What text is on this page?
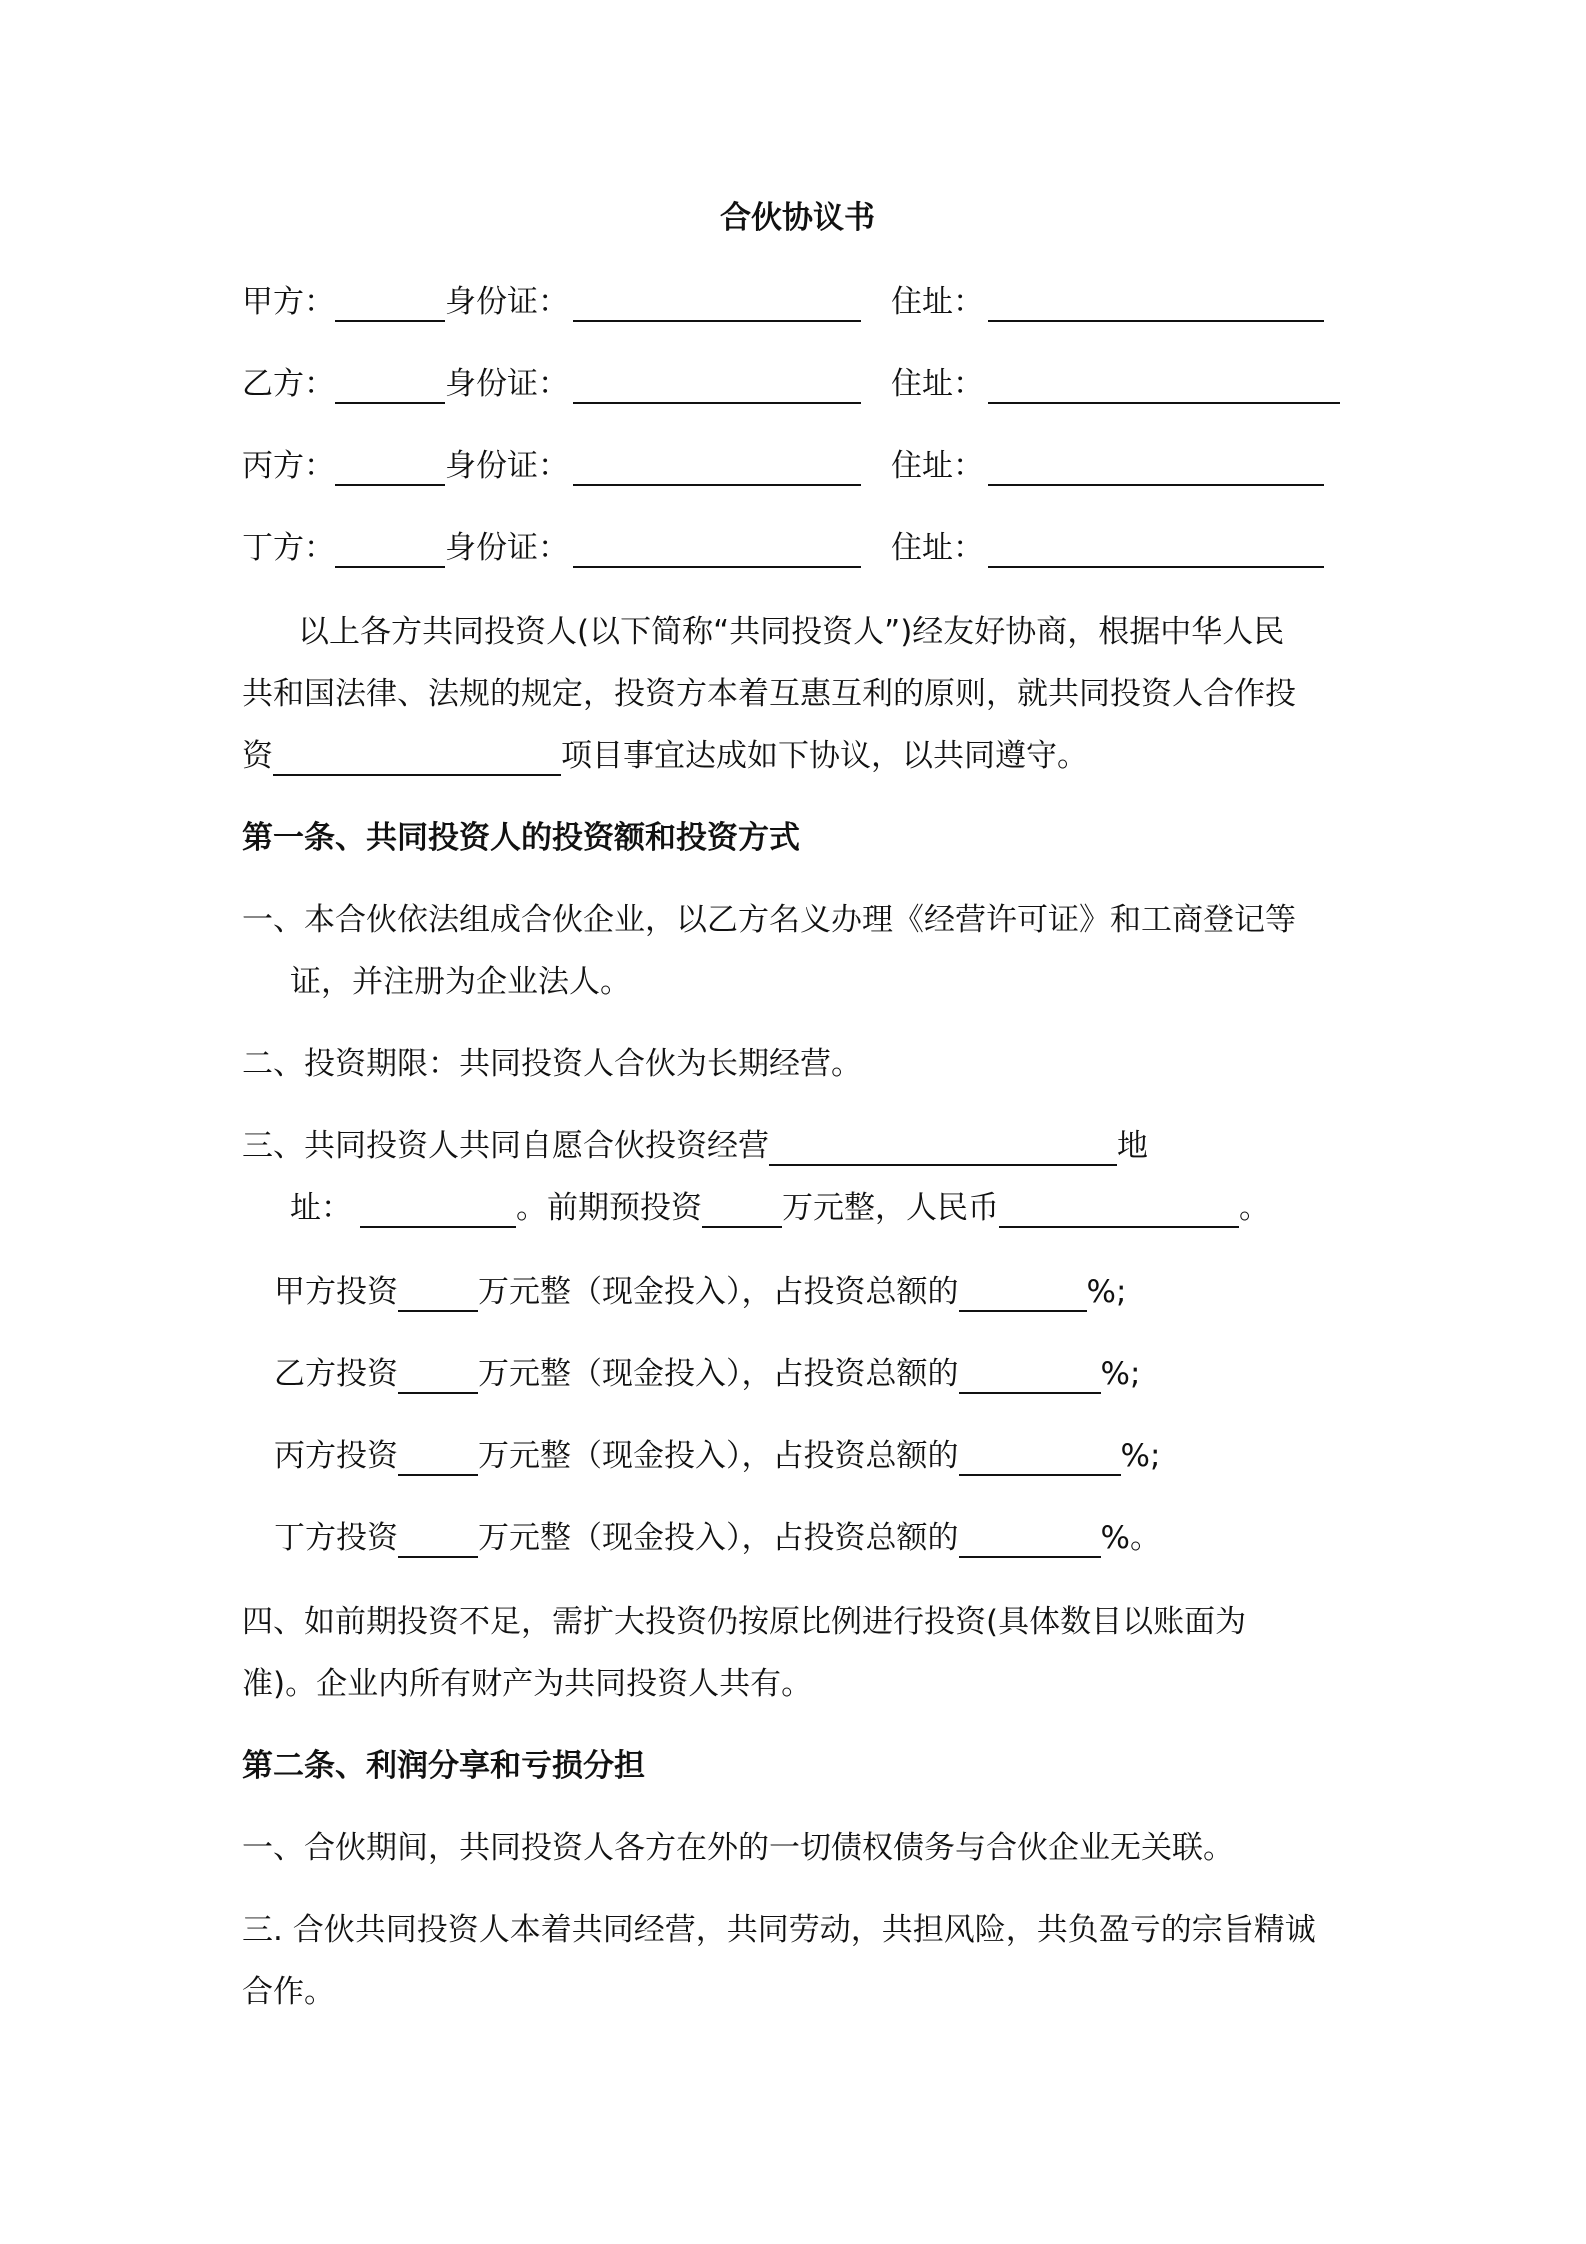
合伙协议书
甲方：	身份证：	住址：
乙方：	身份证：	住址：
丙方：	身份证：	住址：
丁方：	身份证：	住址：
以上各方共同投资人(以下简称“共同投资人”)经友好协商，根据中华人民
共和国法律、法规的规定，投资方本着互惠互利的原则，就共同投资人合作投
资	项目事宜达成如下协议，以共同遵守。
第一条、共同投资人的投资额和投资方式
一、本合伙依法组成合伙企业，以乙方名义办理《经营许可证》和工商登记等
证，并注册为企业法人。
二、投资期限：共同投资人合伙为长期经营。
三、共同投资人共同自愿合伙投资经营	地
址：	。前期预投资	万元整，人民币	。
甲方投资	万元整（现金投入），占投资总额的	%;
乙方投资	万元整（现金投入），占投资总额的	%;
丙方投资	万元整（现金投入），占投资总额的	%;
丁方投资	万元整（现金投入），占投资总额的	%。
四、如前期投资不足，需扩大投资仍按原比例进行投资(具体数目以账面为
准)。企业内所有财产为共同投资人共有。
第二条、利润分享和亏损分担
一、合伙期间，共同投资人各方在外的一切债权债务与合伙企业无关联。
三. 合伙共同投资人本着共同经营，共同劳动，共担风险，共负盈亏的宗旨精诚
合作。
